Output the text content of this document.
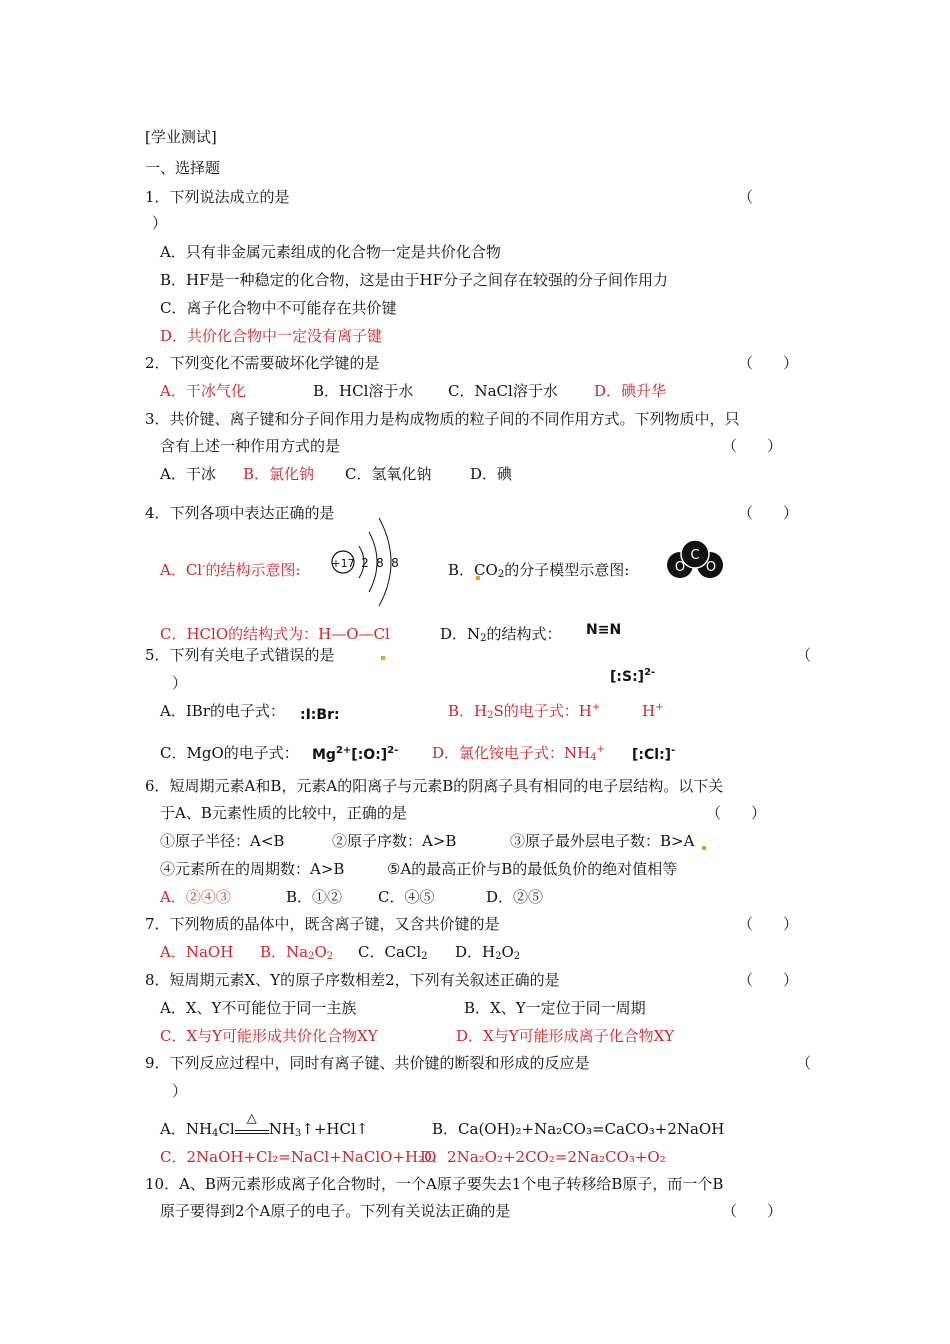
[学业测试]
一、选择题
1．下列说法成立的是	（
）
A．只有非金属元素组成的化合物一定是共价化合物
B．HF是一种稳定的化合物，这是由于HF分子之间存在较强的分子间作用力
C．离子化合物中不可能存在共价键
D．共价化合物中一定没有离子键
2．下列变化不需要破坏化学键的是	（　　）
A．干冰气化	B．HCl溶于水 C．NaCl溶于水 D．碘升华
3．共价键、离子键和分子间作用力是构成物质的粒子间的不同作用方式。下列物质中，只
含有上述一种作用方式的是	（　　）
A．干冰 B．氯化钠 C．氢氧化钠	D．碘
4．下列各项中表达正确的是	（　　）
A．Cl-的结构示意图:	+17 2 8 8	B．$CO_2$的分子模型示意图:	O
C
O
C．HClO的结构式为：H—O—Cl	D．$N_2$的结构式： N≡N
5．下列有关电子式错误的是	（
）	[:S:]$^{2-}$
A．IBr的电子式： :I:Br:	B．$H_2S$的电子式：H+	H+
C．MgO的电子式： $Mg^{2+}[:O:]^{2-}$ D．氯化铵电子式：$NH_4^+$ [:Cl:]-
6．短周期元素A和B，元素A的阳离子与元素B的阴离子具有相同的电子层结构。以下关
于A、B元素性质的比较中，正确的是	（　　）
①原子半径：A<B	②原子序数：A>B	③原子最外层电子数：B>A
④元素所在的周期数：A>B	⑤A的最高正价与B的最低负价的绝对值相等
A．②④③	B．①② C．④⑤	D．②⑤
7．下列物质的晶体中，既含离子键，又含共价键的是	（　　）
A．NaOH B．$Na_2O_2$ C．CaCl$_2$ D．$H_2O_2$
8．短周期元素X、Y的原子序数相差2，下列有关叙述正确的是	（　　）
A．X、Y不可能位于同一主族	B．X、Y一定位于同一周期
C．X与Y可能形成共价化合物XY	D．X与Y可能形成离子化合物XY
9．下列反应过程中，同时有离子键、共价键的断裂和形成的反应是	（
）
A．$NH_4Cl$
△
$NH_3↑+HCl↑$	B．Ca(OH)₂+Na₂CO₃=CaCO₃+2NaOH
C．2NaOH+Cl₂=NaCl+NaClO+H₂O
D．2Na₂O₂+2CO₂=2Na₂CO₃+O₂
10．A、B两元素形成离子化合物时，一个A原子要失去1个电子转移给B原子，而一个B
原子要得到2个A原子的电子。下列有关说法正确的是	（　　）
